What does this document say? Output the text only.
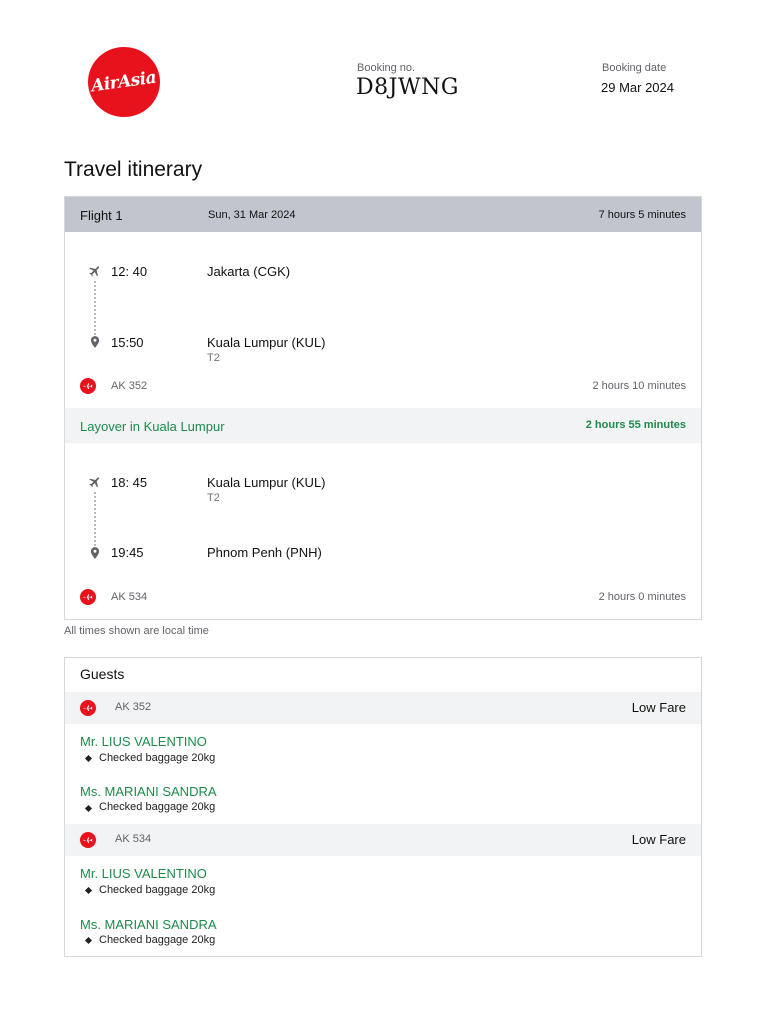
AirAsia	Booking no.
D8JWNG
Booking date
29 Mar 2024
Travel itinerary
Flight 1	Sun, 31 Mar 2024	7 hours 5 minutes
12: 40	Jakarta (CGK)
15:50	Kuala Lumpur (KUL)
T2
AK 352	2 hours 10 minutes
Layover in Kuala Lumpur	2 hours 55 minutes
18: 45	Kuala Lumpur (KUL)
T2
19:45	Phnom Penh (PNH)
AK 534	2 hours 0 minutes
All times shown are local time
Guests
AK 352	Low Fare
Mr. LIUS VALENTINO
Checked baggage 20kg
Ms. MARIANI SANDRA
Checked baggage 20kg
AK 534	Low Fare
Mr. LIUS VALENTINO
Checked baggage 20kg
Ms. MARIANI SANDRA
Checked baggage 20kg
